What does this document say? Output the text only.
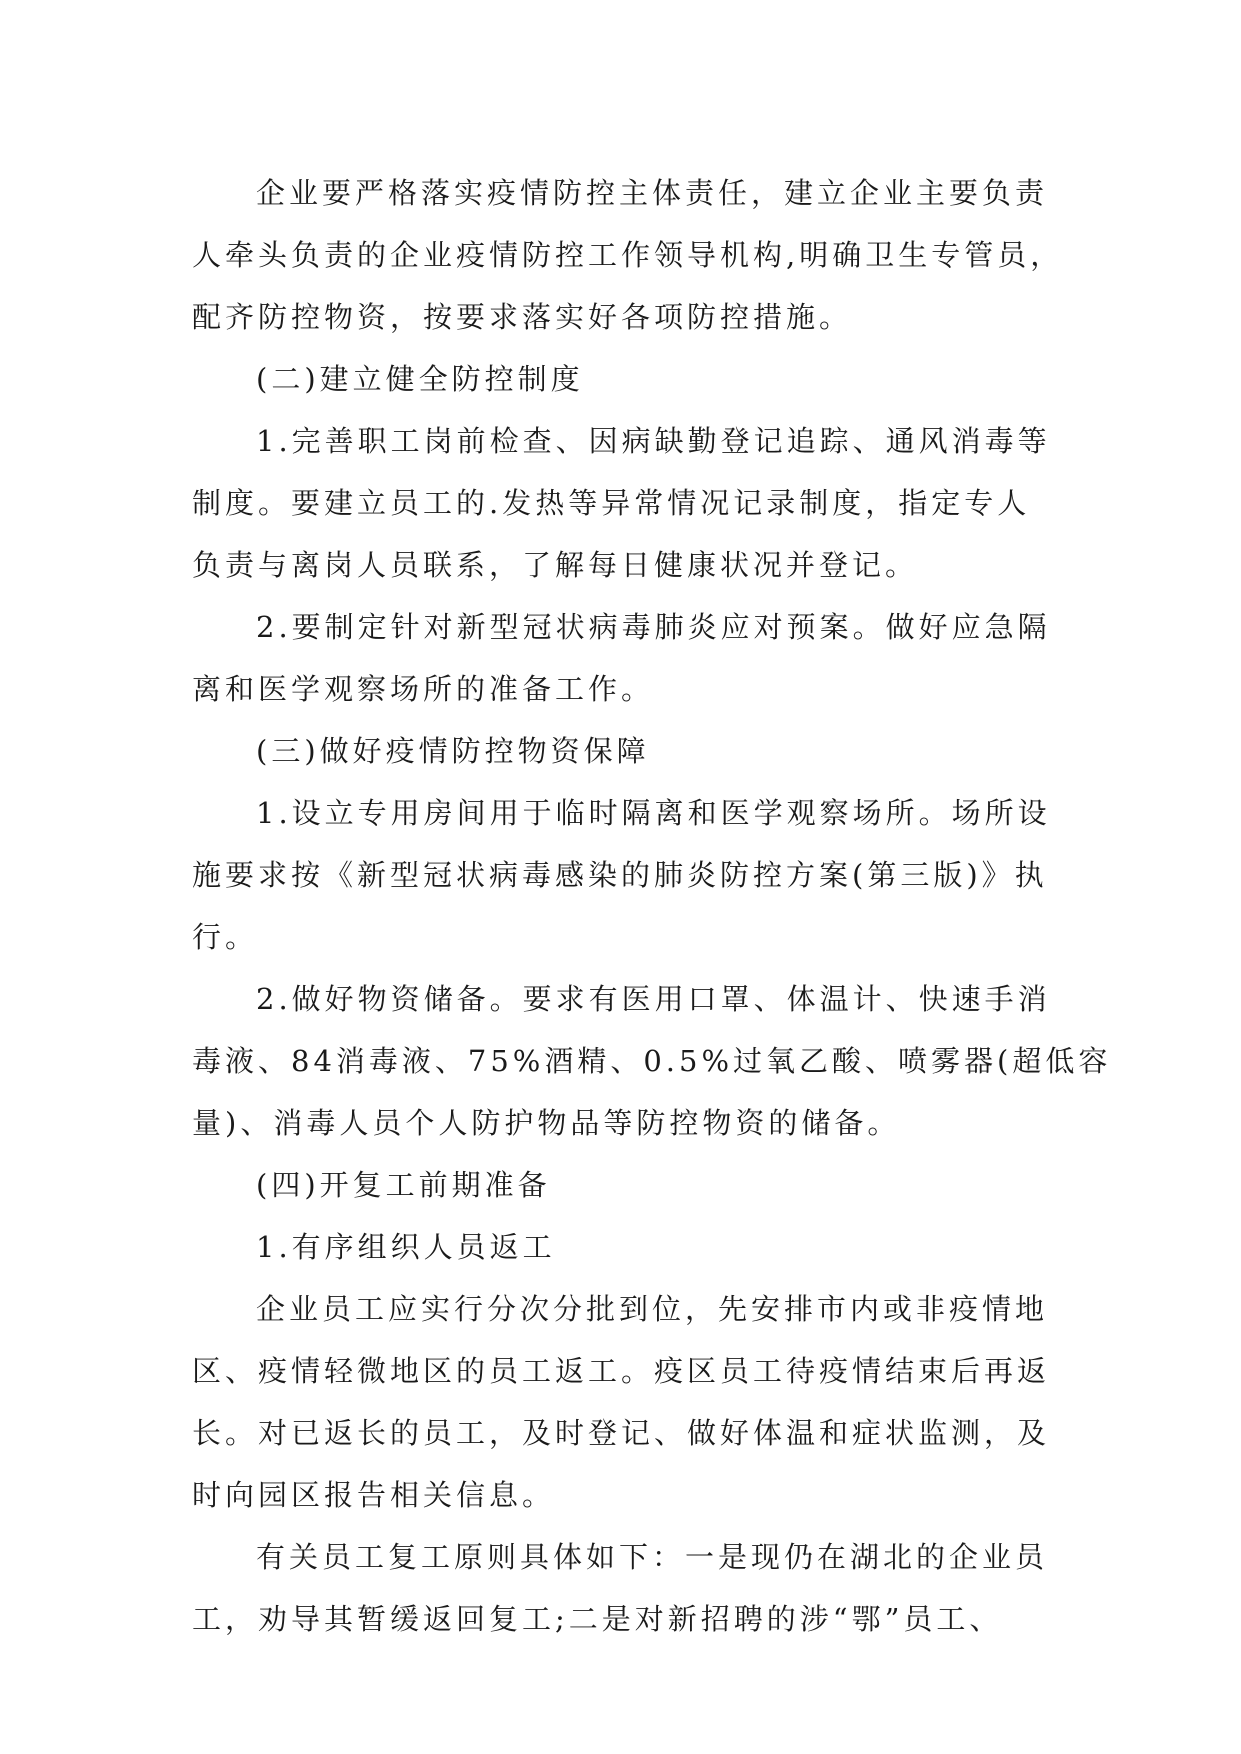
企业要严格落实疫情防控主体责任，建立企业主要负责
人牵头负责的企业疫情防控工作领导机构,明确卫生专管员，
配齐防控物资，按要求落实好各项防控措施。
(二)建立健全防控制度
1.完善职工岗前检查、因病缺勤登记追踪、通风消毒等
制度。要建立员工的.发热等异常情况记录制度，指定专人
负责与离岗人员联系，了解每日健康状况并登记。
2.要制定针对新型冠状病毒肺炎应对预案。做好应急隔
离和医学观察场所的准备工作。
(三)做好疫情防控物资保障
1.设立专用房间用于临时隔离和医学观察场所。场所设
施要求按《新型冠状病毒感染的肺炎防控方案(第三版)》执
行。
2.做好物资储备。要求有医用口罩、体温计、快速手消
毒液、84消毒液、75%酒精、0.5%过氧乙酸、喷雾器(超低容
量)、消毒人员个人防护物品等防控物资的储备。
(四)开复工前期准备
1.有序组织人员返工
企业员工应实行分次分批到位，先安排市内或非疫情地
区、疫情轻微地区的员工返工。疫区员工待疫情结束后再返
长。对已返长的员工，及时登记、做好体温和症状监测，及
时向园区报告相关信息。
有关员工复工原则具体如下：一是现仍在湖北的企业员
工，劝导其暂缓返回复工;二是对新招聘的涉“鄂”员工、
